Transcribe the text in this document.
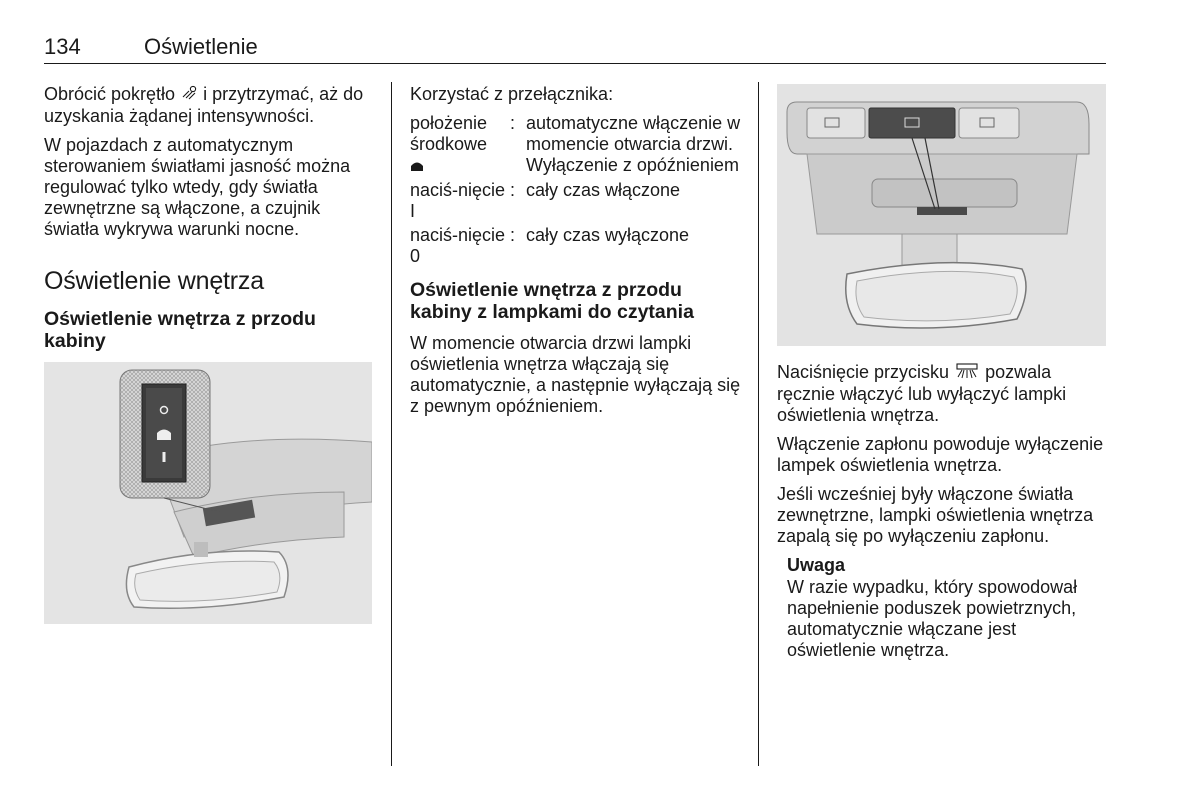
134	Oświetlenie

Obrócić pokrętło i przytrzymać, aż do uzyskania żądanej intensywności.

W pojazdach z automatycznym sterowaniem światłami jasność można regulować tylko wtedy, gdy światła zewnętrzne są włączone, a czujnik światła wykrywa warunki nocne.

Oświetlenie wnętrza
Oświetlenie wnętrza z przodu kabiny

Korzystać z przełącznika:

położenie środkowe

: automatyczne włączenie w momencie otwarcia drzwi. Wyłączenie z opóźnieniem
naciś-nięcie I
: cały czas włączone
naciś-nięcie 0
: cały czas wyłączone
Oświetlenie wnętrza z przodu kabiny z lampkami do czytania

W momencie otwarcia drzwi lampki oświetlenia wnętrza włączają się automatycznie, a następnie wyłączają się z pewnym opóźnieniem.

Naciśnięcie przycisku pozwala ręcznie włączyć lub wyłączyć lampki oświetlenia wnętrza.

Włączenie zapłonu powoduje wyłączenie lampek oświetlenia wnętrza.

Jeśli wcześniej były włączone światła zewnętrzne, lampki oświetlenia wnętrza zapalą się po wyłączeniu zapłonu.

Uwaga
W razie wypadku, który spowodował napełnienie poduszek powietrznych, automatycznie włączane jest oświetlenie wnętrza.
